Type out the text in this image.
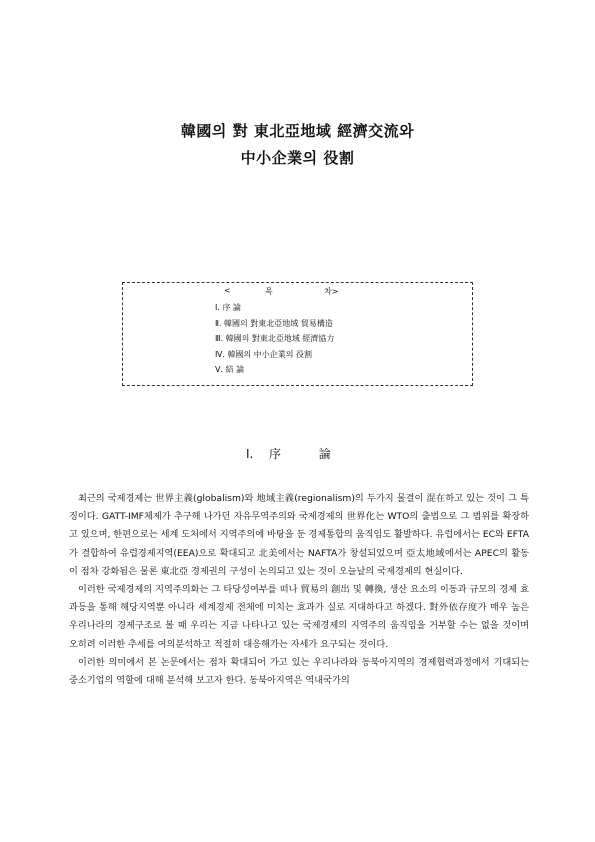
韓國의 對 東北亞地域 經濟交流와
中小企業의 役割
<	목	차>
Ⅰ. 序 論
Ⅱ. 韓國의 對東北亞地域 貿易構造
Ⅲ. 韓國의 對東北亞地域 經濟協力
Ⅳ. 韓國의 中小企業의 役割
Ⅴ. 結 論
Ⅰ. 序	論

최근의 국제경제는 世界主義(globalism)와 地域主義(regionalism)의 두가지 물결이 混在하고 있는 것이 그 특징이다. GATT-IMF체제가 추구해 나가던 자유무역주의와 국제경제의 世界化는 WTO의 출범으로 그 범위를 확장하고 있으며, 한편으로는 세계 도처에서 지역주의에 바탕을 둔 경제통합의 움직임도 활발하다. 유럽에서는 EC와 EFTA가 결합하여 유럽경제지역(EEA)으로 확대되고 北美에서는 NAFTA가 창설되었으며 亞太地域에서는 APEC의 활동이 점차 강화됨은 물론 東北亞 경제권의 구성이 논의되고 있는 것이 오늘날의 국제경제의 현실이다.

이러한 국제경제의 지역주의화는 그 타당성여부를 떠나 貿易의 創出 및 轉換, 생산 요소의 이동과 규모의 경제 효과등을 통해 해당지역뿐 아니라 세계경제 전체에 미치는 효과가 실로 지대하다고 하겠다. 對外依存度가 매우 높은 우리나라의 경제구조로 볼 때 우리는 지금 나타나고 있는 국제경제의 지역주의 움직임을 거부할 수는 없을 것이며 오히려 이러한 추세를 여의분석하고 적절히 대응해가는 자세가 요구되는 것이다.

이러한 의미에서 본 논문에서는 점차 확대되어 가고 있는 우리나라와 동북아지역의 경제협력과정에서 기대되는 중소기업의 역할에 대해 분석해 보고자 한다. 동북아지역은 역내국가의
